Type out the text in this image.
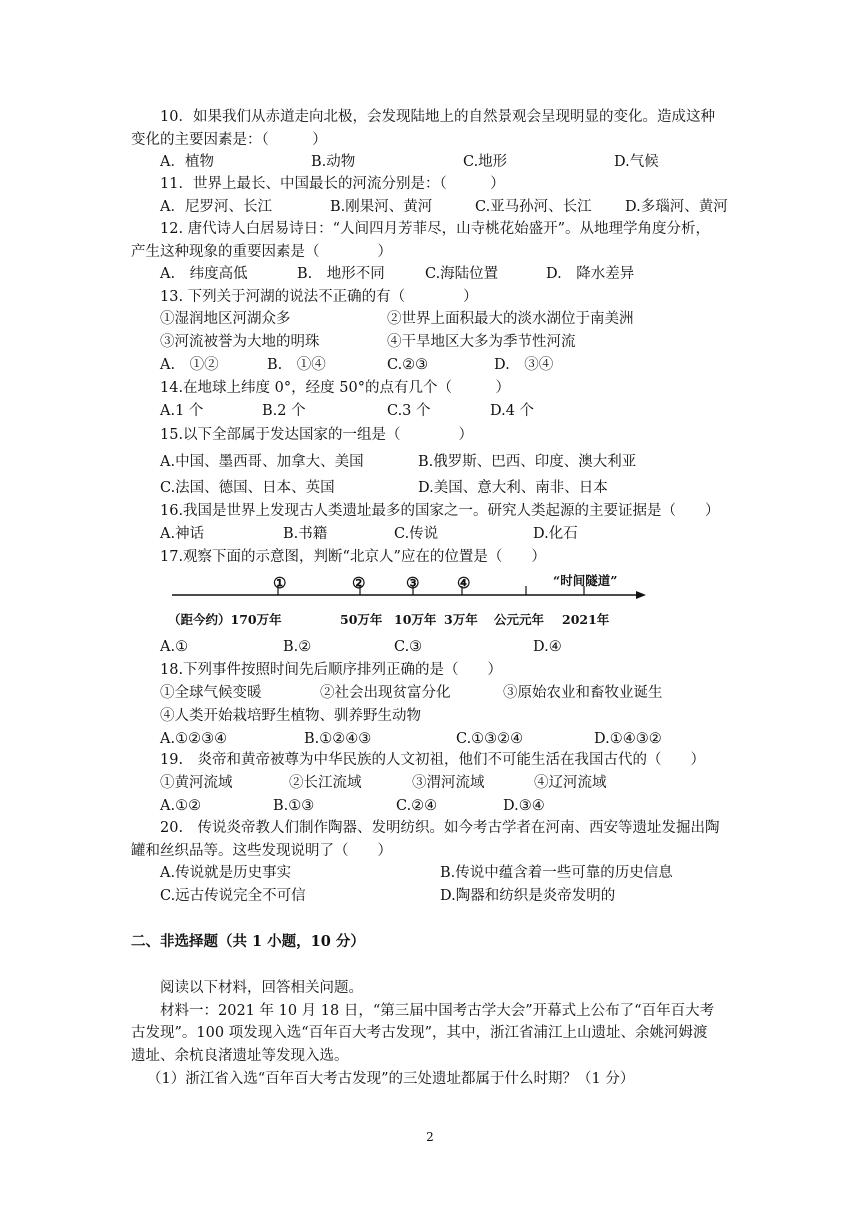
10．如果我们从赤道走向北极，会发现陆地上的自然景观会呈现明显的变化。造成这种
变化的主要因素是：（　　　）
A．植物	B.动物	C.地形	D.气候
11．世界上最长、中国最长的河流分别是：（　　　）
A．尼罗河、长江	B.刚果河、黄河	C.亚马孙河、长江 D.多瑙河、黄河
12. 唐代诗人白居易诗日：“人间四月芳菲尽，山寺桃花始盛开”。从地理学角度分析，
产生这种现象的重要因素是（　　　　）
A.　纬度高低	B.　地形不同	C.海陆位置	D.　降水差异
13. 下列关于河湖的说法不正确的有（　　　　）
①湿润地区河湖众多	②世界上面积最大的淡水湖位于南美洲
③河流被誉为大地的明珠	④干旱地区大多为季节性河流
A.　①②	B.　①④	C.②③	D.　③④
14.在地球上纬度 0°，经度 50°的点有几个（　　　）
A.1 个	B.2 个	C.3 个	D.4 个
15.以下全部属于发达国家的一组是（　　　　）
A.中国、墨西哥、加拿大、美国	B.俄罗斯、巴西、印度、澳大利亚
C.法国、德国、日本、英国	D.美国、意大利、南非、日本
16.我国是世界上发现古人类遗址最多的国家之一。研究人类起源的主要证据是（　　）
A.神话	B.书籍	C.传说	D.化石
17.观察下面的示意图，判断“北京人”应在的位置是（　　）
①	②	③	④	“时间隧道”
（距今约）170万年	50万年 10万年 3万年 公元元年 2021年
A.①	B.②	C.③	D.④
18.下列事件按照时间先后顺序排列正确的是（　　）
①全球气候变暖	②社会出现贫富分化	③原始农业和畜牧业诞生
④人类开始栽培野生植物、驯养野生动物
A.①②③④	B.①②④③	C.①③②④	D.①④③②
19.　炎帝和黄帝被尊为中华民族的人文初祖，他们不可能生活在我国古代的（　　）
①黄河流域	②长江流域	③渭河流域	④辽河流域
A.①②	B.①③	C.②④	D.③④
20.　传说炎帝教人们制作陶器、发明纺织。如今考古学者在河南、西安等遗址发掘出陶
罐和丝织品等。这些发现说明了（　　）
A.传说就是历史事实	B.传说中蕴含着一些可靠的历史信息
C.远古传说完全不可信	D.陶器和纺织是炎帝发明的
二、非选择题（共 1 小题，10 分）
阅读以下材料，回答相关问题。
材料一：2021 年 10 月 18 日，“第三届中国考古学大会”开幕式上公布了“百年百大考
古发现”。100 项发现入选“百年百大考古发现”，其中，浙江省浦江上山遗址、余姚河姆渡
遗址、余杭良渚遗址等发现入选。
（1）浙江省入选“百年百大考古发现”的三处遗址都属于什么时期？（1 分）
2
